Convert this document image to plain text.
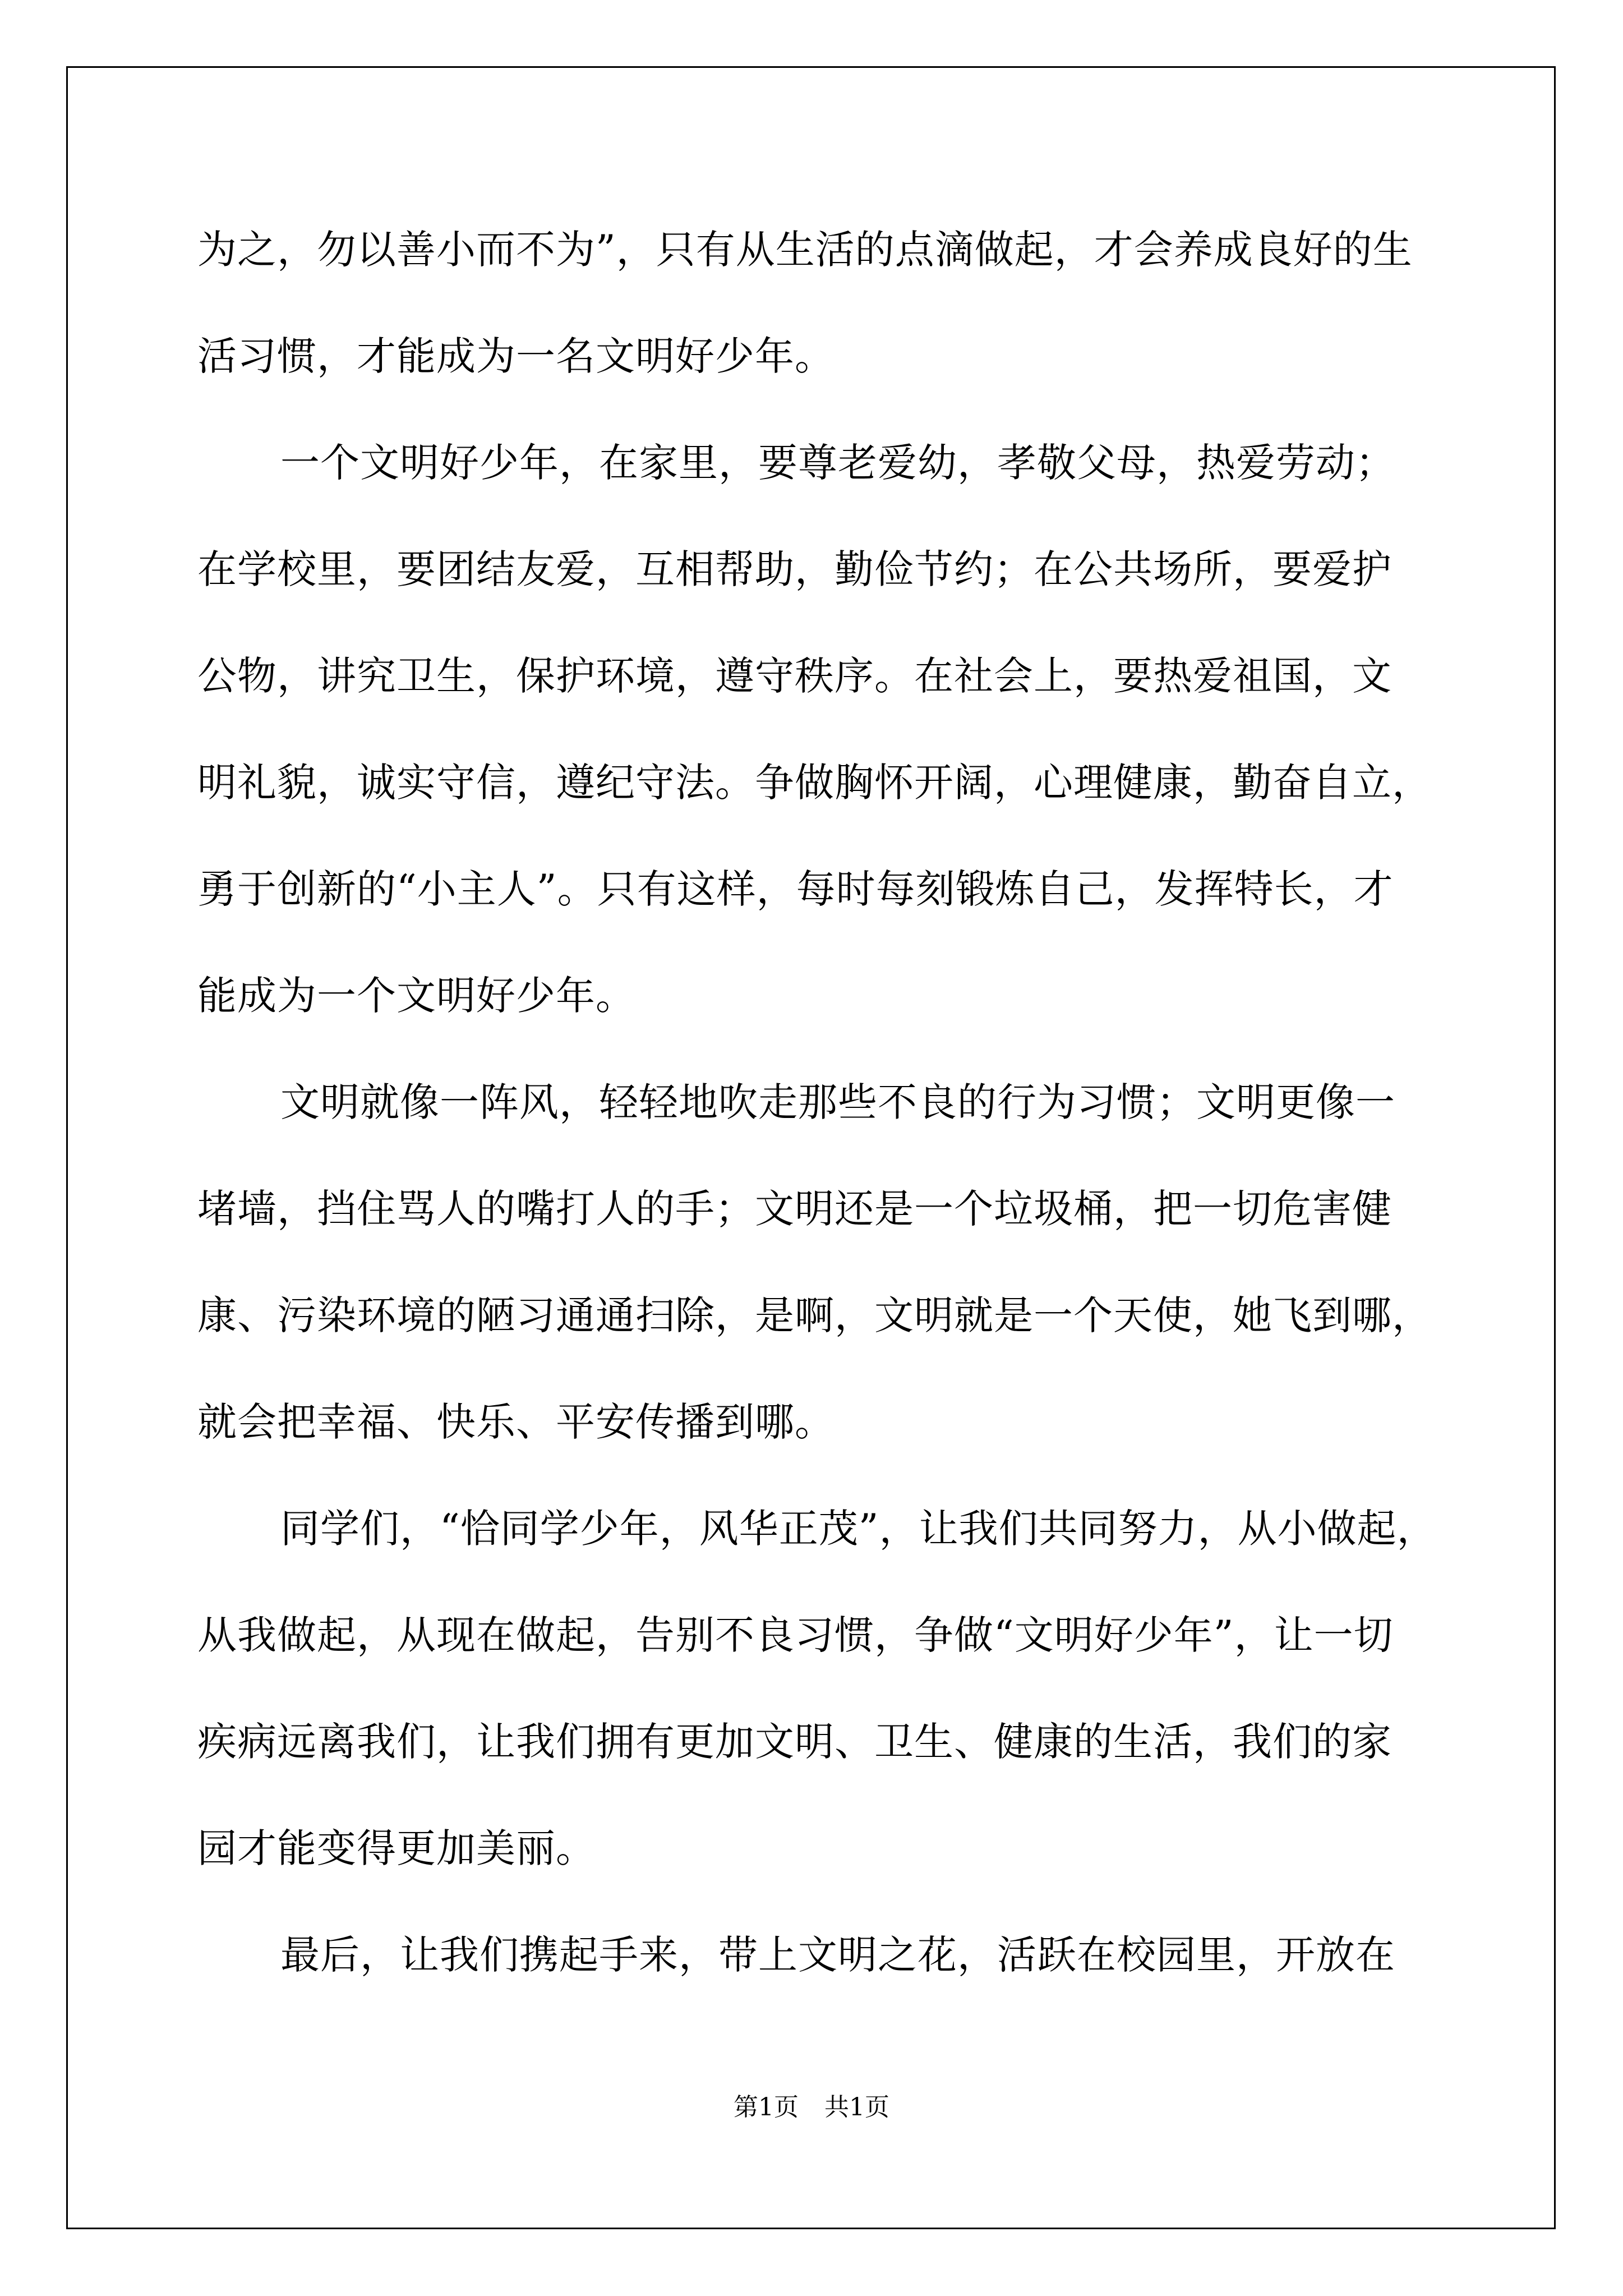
为之，勿以善小而不为”，只有从生活的点滴做起，才会养成良好的生
活习惯，才能成为一名文明好少年。
一个文明好少年，在家里，要尊老爱幼，孝敬父母，热爱劳动；
在学校里，要团结友爱，互相帮助，勤俭节约；在公共场所，要爱护
公物，讲究卫生，保护环境，遵守秩序。在社会上，要热爱祖国，文
明礼貌，诚实守信，遵纪守法。争做胸怀开阔，心理健康，勤奋自立，
勇于创新的“小主人”。只有这样，每时每刻锻炼自己，发挥特长，才
能成为一个文明好少年。
文明就像一阵风，轻轻地吹走那些不良的行为习惯；文明更像一
堵墙，挡住骂人的嘴打人的手；文明还是一个垃圾桶，把一切危害健
康、污染环境的陋习通通扫除，是啊，文明就是一个天使，她飞到哪，
就会把幸福、快乐、平安传播到哪。
同学们，“恰同学少年，风华正茂”，让我们共同努力，从小做起，
从我做起，从现在做起，告别不良习惯，争做“文明好少年”，让一切
疾病远离我们，让我们拥有更加文明、卫生、健康的生活，我们的家
园才能变得更加美丽。
最后，让我们携起手来，带上文明之花，活跃在校园里，开放在
第1页 共1页
